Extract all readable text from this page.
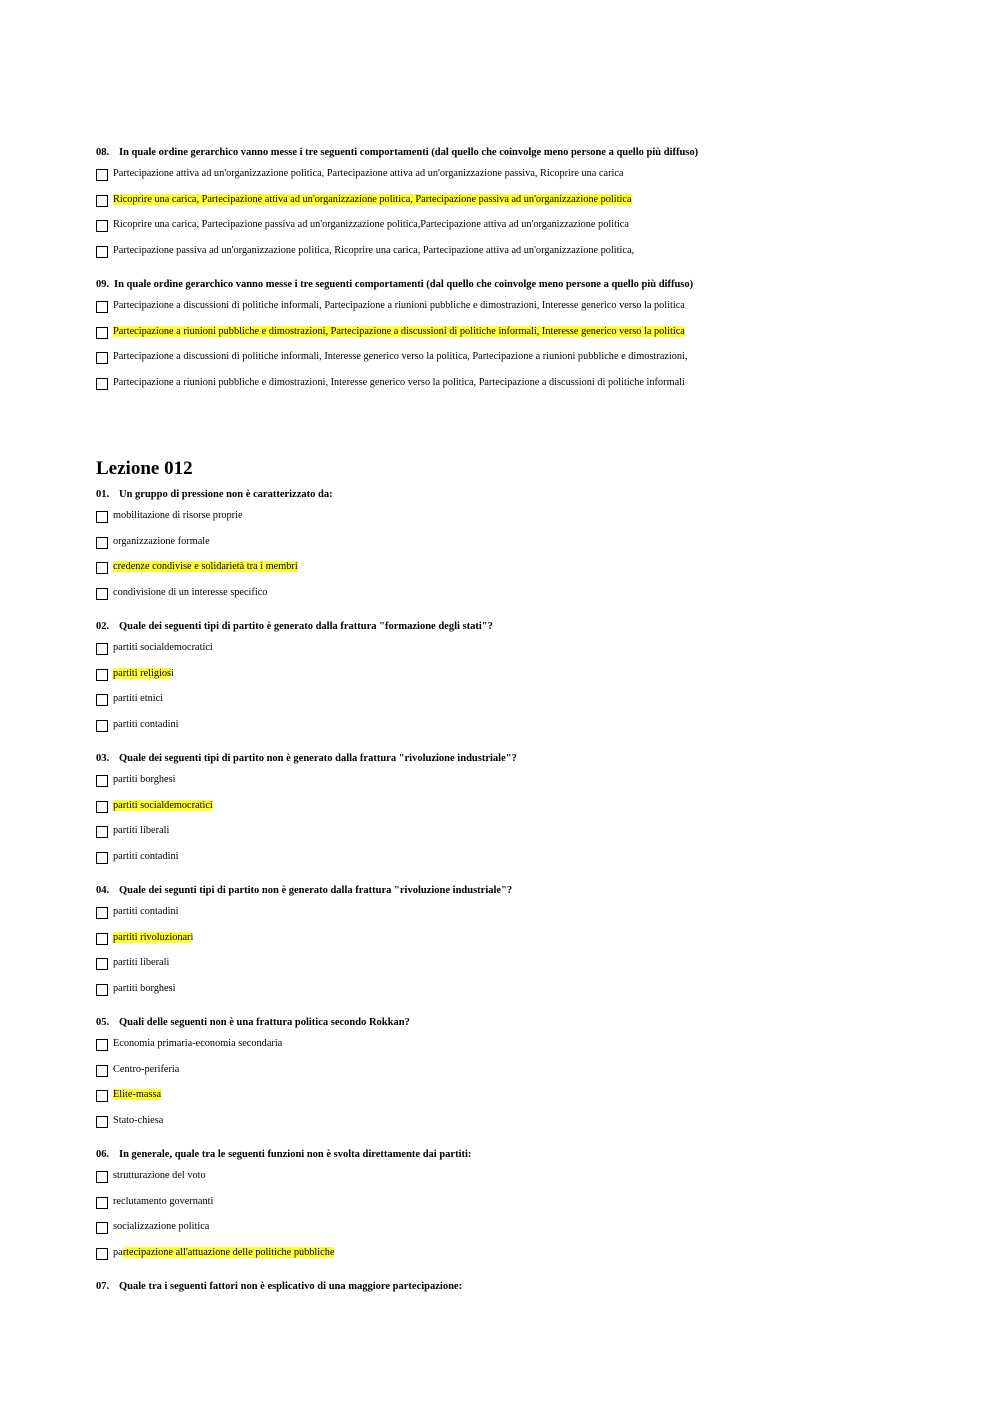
08. In quale ordine gerarchico vanno messe i tre seguenti comportamenti (dal quello che coinvolge meno persone a quello più diffuso)
Partecipazione attiva ad un'organizzazione politica, Partecipazione attiva ad un'organizzazione passiva, Ricoprire una carica
Ricoprire una carica, Partecipazione attiva ad un'organizzazione politica, Partecipazione passiva ad un'organizzazione politica
Ricoprire una carica, Partecipazione passiva ad un'organizzazione politica,Partecipazione attiva ad un'organizzazione politica
Partecipazione passiva ad un'organizzazione politica, Ricoprire una carica, Partecipazione attiva ad un'organizzazione politica,
09. In quale ordine gerarchico vanno messe i tre seguenti comportamenti (dal quello che coinvolge meno persone a quello più diffuso)
Partecipazione a discussioni di politiche informali, Partecipazione a riunioni pubbliche e dimostrazioni, Interesse generico verso la politica
Partecipazione a riunioni pubbliche e dimostrazioni, Partecipazione a discussioni di politiche informali, Interesse generico verso la politica
Partecipazione a discussioni di politiche informali, Interesse generico verso la politica, Partecipazione a riunioni pubbliche e dimostrazioni,
Partecipazione a riunioni pubbliche e dimostrazioni, Interesse generico verso la politica, Partecipazione a discussioni di politiche informali
Lezione 012
01. Un gruppo di pressione non è caratterizzato da:
mobilitazione di risorse proprie
organizzazione formale
credenze condivise e solidarietà tra i membri
condivisione di un interesse specifico
02. Quale dei seguenti tipi di partito è generato dalla frattura "formazione degli stati"?
partiti socialdemocratici
partiti religiosi
partiti etnici
partiti contadini
03. Quale dei seguenti tipi di partito non è generato dalla frattura "rivoluzione industriale"?
partiti borghesi
partiti socialdemocratici
partiti liberali
partiti contadini
04. Quale dei segunti tipi di partito non è generato dalla frattura "rivoluzione industriale"?
partiti contadini
partiti rivoluzionari
partiti liberali
partiti borghesi
05. Quali delle seguenti non è una frattura politica secondo Rokkan?
Economia primaria-economia secondaria
Centro-periferia
Elite-massa
Stato-chiesa
06. In generale, quale tra le seguenti funzioni non è svolta direttamente dai partiti:
strutturazione del voto
reclutamento governanti
socializzazione politica
partecipazione all'attuazione delle politiche pubbliche
07. Quale tra i seguenti fattori non è esplicativo di una maggiore partecipazione:
